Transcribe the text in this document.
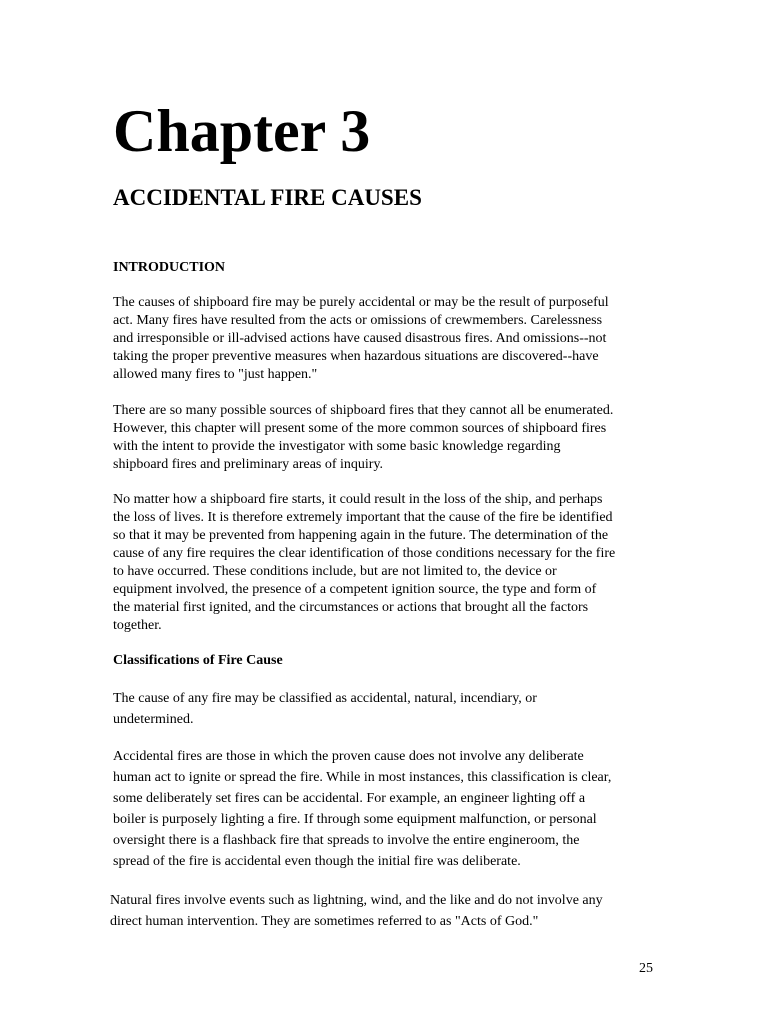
Chapter 3
ACCIDENTAL FIRE CAUSES
INTRODUCTION

The causes of shipboard fire may be purely accidental or may be the result of purposeful
act. Many fires have resulted from the acts or omissions of crewmembers. Carelessness
and irresponsible or ill-advised actions have caused disastrous fires. And omissions--not
taking the proper preventive measures when hazardous situations are discovered--have
allowed many fires to "just happen."

There are so many possible sources of shipboard fires that they cannot all be enumerated.
However, this chapter will present some of the more common sources of shipboard fires
with the intent to provide the investigator with some basic knowledge regarding
shipboard fires and preliminary areas of inquiry.

No matter how a shipboard fire starts, it could result in the loss of the ship, and perhaps
the loss of lives. It is therefore extremely important that the cause of the fire be identified
so that it may be prevented from happening again in the future. The determination of the
cause of any fire requires the clear identification of those conditions necessary for the fire
to have occurred. These conditions include, but are not limited to, the device or
equipment involved, the presence of a competent ignition source, the type and form of
the material first ignited, and the circumstances or actions that brought all the factors
together.

Classifications of Fire Cause

The cause of any fire may be classified as accidental, natural, incendiary, or
undetermined.

Accidental fires are those in which the proven cause does not involve any deliberate
human act to ignite or spread the fire. While in most instances, this classification is clear,
some deliberately set fires can be accidental. For example, an engineer lighting off a
boiler is purposely lighting a fire. If through some equipment malfunction, or personal
oversight there is a flashback fire that spreads to involve the entire engineroom, the
spread of the fire is accidental even though the initial fire was deliberate.

Natural fires involve events such as lightning, wind, and the like and do not involve any
direct human intervention. They are sometimes referred to as "Acts of God."

25
